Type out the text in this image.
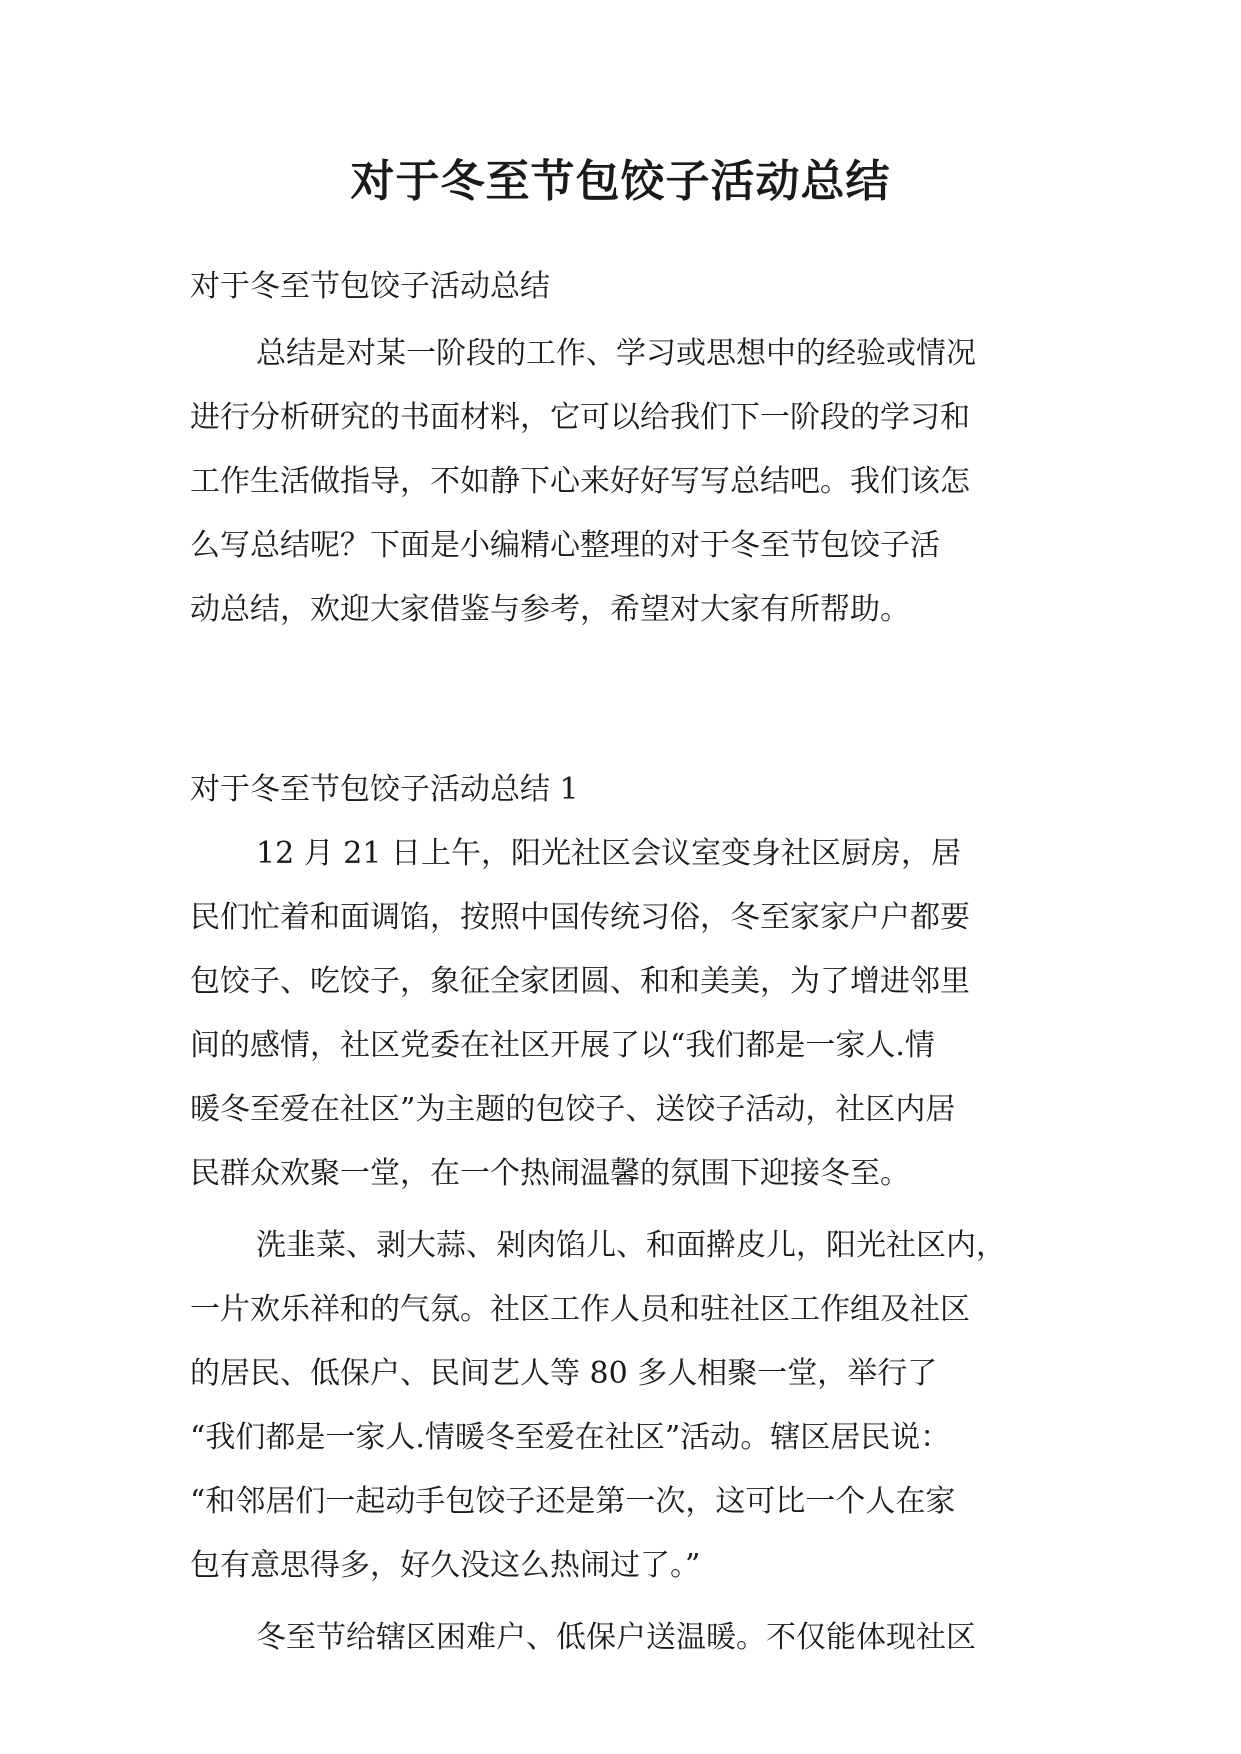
对于冬至节包饺子活动总结

对于冬至节包饺子活动总结

总结是对某一阶段的工作、学习或思想中的经验或情况

进行分析研究的书面材料，它可以给我们下一阶段的学习和

工作生活做指导，不如静下心来好好写写总结吧。我们该怎

么写总结呢？下面是小编精心整理的对于冬至节包饺子活

动总结，欢迎大家借鉴与参考，希望对大家有所帮助。

对于冬至节包饺子活动总结 1

12 月 21 日上午，阳光社区会议室变身社区厨房，居

民们忙着和面调馅，按照中国传统习俗，冬至家家户户都要

包饺子、吃饺子，象征全家团圆、和和美美，为了增进邻里

间的感情，社区党委在社区开展了以“我们都是一家人.情

暖冬至爱在社区”为主题的包饺子、送饺子活动，社区内居

民群众欢聚一堂，在一个热闹温馨的氛围下迎接冬至。

洗韭菜、剥大蒜、剁肉馅儿、和面擀皮儿，阳光社区内，

一片欢乐祥和的气氛。社区工作人员和驻社区工作组及社区

的居民、低保户、民间艺人等 80 多人相聚一堂，举行了

“我们都是一家人.情暖冬至爱在社区”活动。辖区居民说：

“和邻居们一起动手包饺子还是第一次，这可比一个人在家

包有意思得多，好久没这么热闹过了。”

冬至节给辖区困难户、低保户送温暖。不仅能体现社区
